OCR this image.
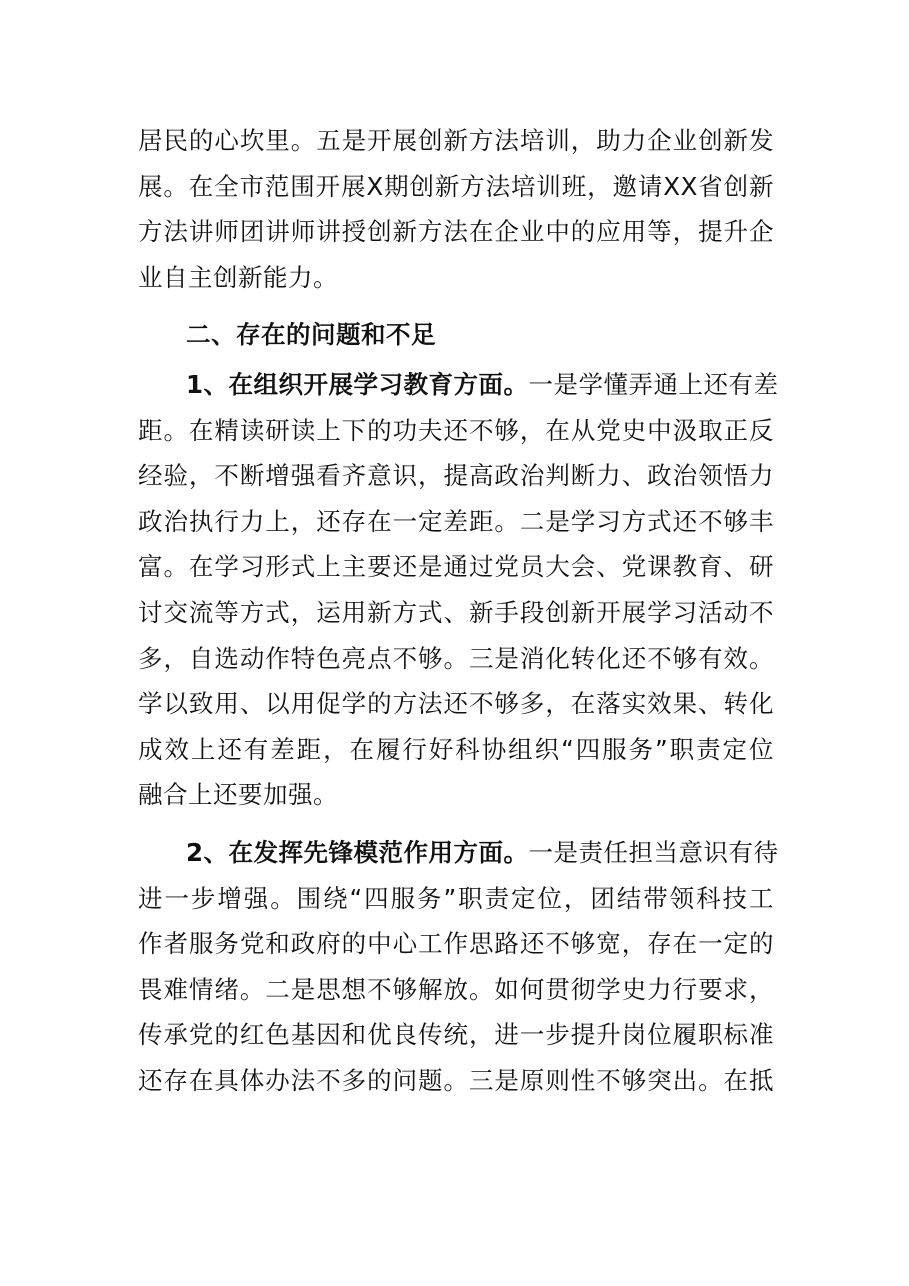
居民的心坎里。五是开展创新方法培训，助力企业创新发
展。在全市范围开展X期创新方法培训班，邀请XX省创新
方法讲师团讲师讲授创新方法在企业中的应用等，提升企
业自主创新能力。
二、存在的问题和不足
1、在组织开展学习教育方面。一是学懂弄通上还有差
距。在精读研读上下的功夫还不够，在从党史中汲取正反
经验，不断增强看齐意识，提高政治判断力、政治领悟力
政治执行力上，还存在一定差距。二是学习方式还不够丰
富。在学习形式上主要还是通过党员大会、党课教育、研
讨交流等方式，运用新方式、新手段创新开展学习活动不
多，自选动作特色亮点不够。三是消化转化还不够有效。
学以致用、以用促学的方法还不够多，在落实效果、转化
成效上还有差距，在履行好科协组织“四服务”职责定位
融合上还要加强。
2、在发挥先锋模范作用方面。一是责任担当意识有待
进一步增强。围绕“四服务”职责定位，团结带领科技工
作者服务党和政府的中心工作思路还不够宽，存在一定的
畏难情绪。二是思想不够解放。如何贯彻学史力行要求，
传承党的红色基因和优良传统，进一步提升岗位履职标准
还存在具体办法不多的问题。三是原则性不够突出。在抵
